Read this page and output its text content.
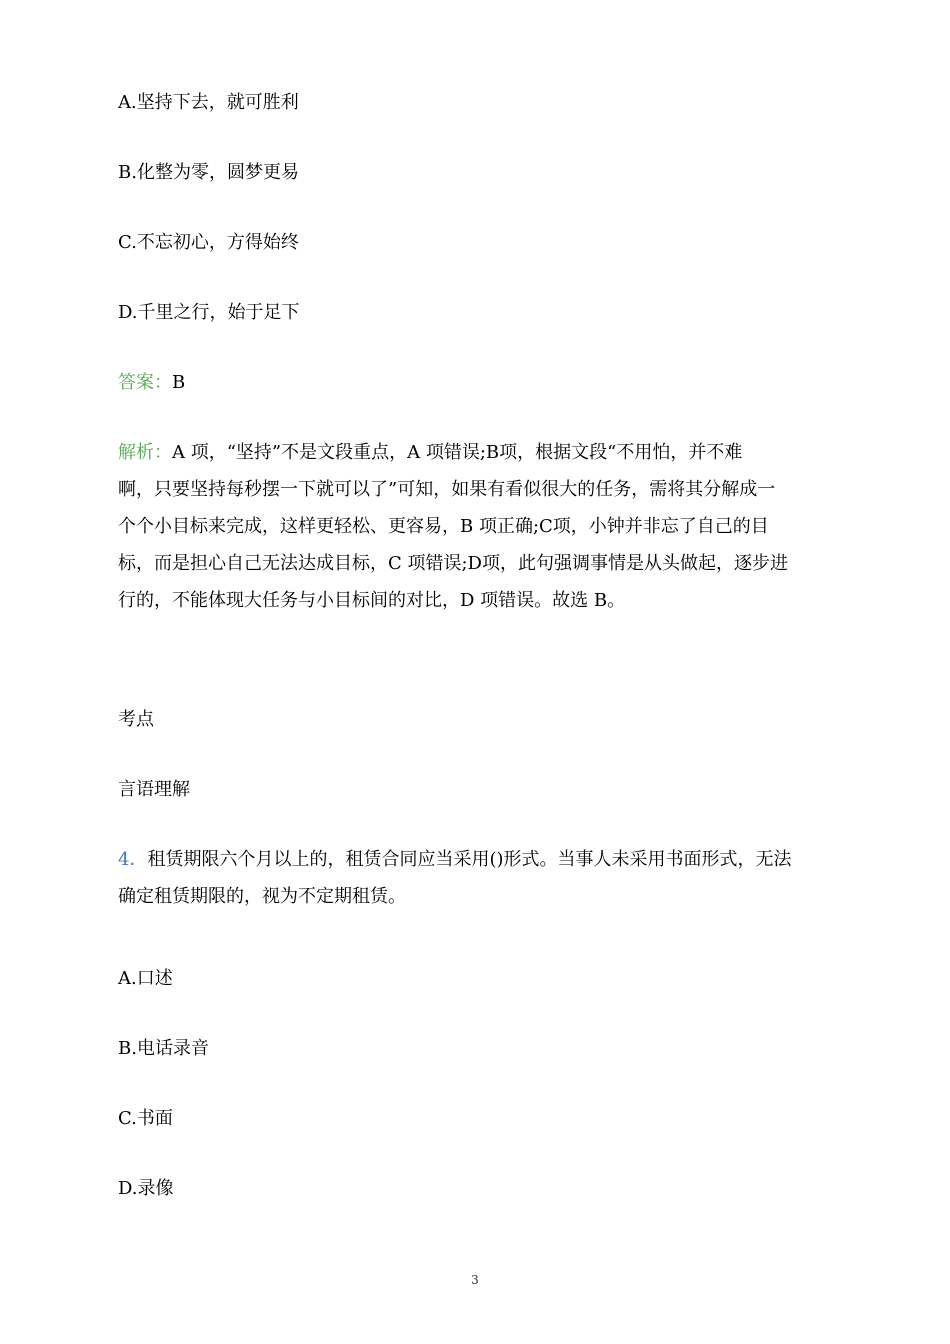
A.坚持下去，就可胜利
B.化整为零，圆梦更易
C.不忘初心，方得始终
D.千里之行，始于足下
答案：B
解析：A 项，“坚持”不是文段重点，A 项错误;B项，根据文段“不用怕，并不难
啊，只要坚持每秒摆一下就可以了”可知，如果有看似很大的任务，需将其分解成一
个个小目标来完成，这样更轻松、更容易，B 项正确;C项，小钟并非忘了自己的目
标，而是担心自己无法达成目标，C 项错误;D项，此句强调事情是从头做起，逐步进
行的，不能体现大任务与小目标间的对比，D 项错误。故选 B。
考点
言语理解
4．租赁期限六个月以上的，租赁合同应当采用()形式。当事人未采用书面形式，无法
确定租赁期限的，视为不定期租赁。
A.口述
B.电话录音
C.书面
D.录像
3
